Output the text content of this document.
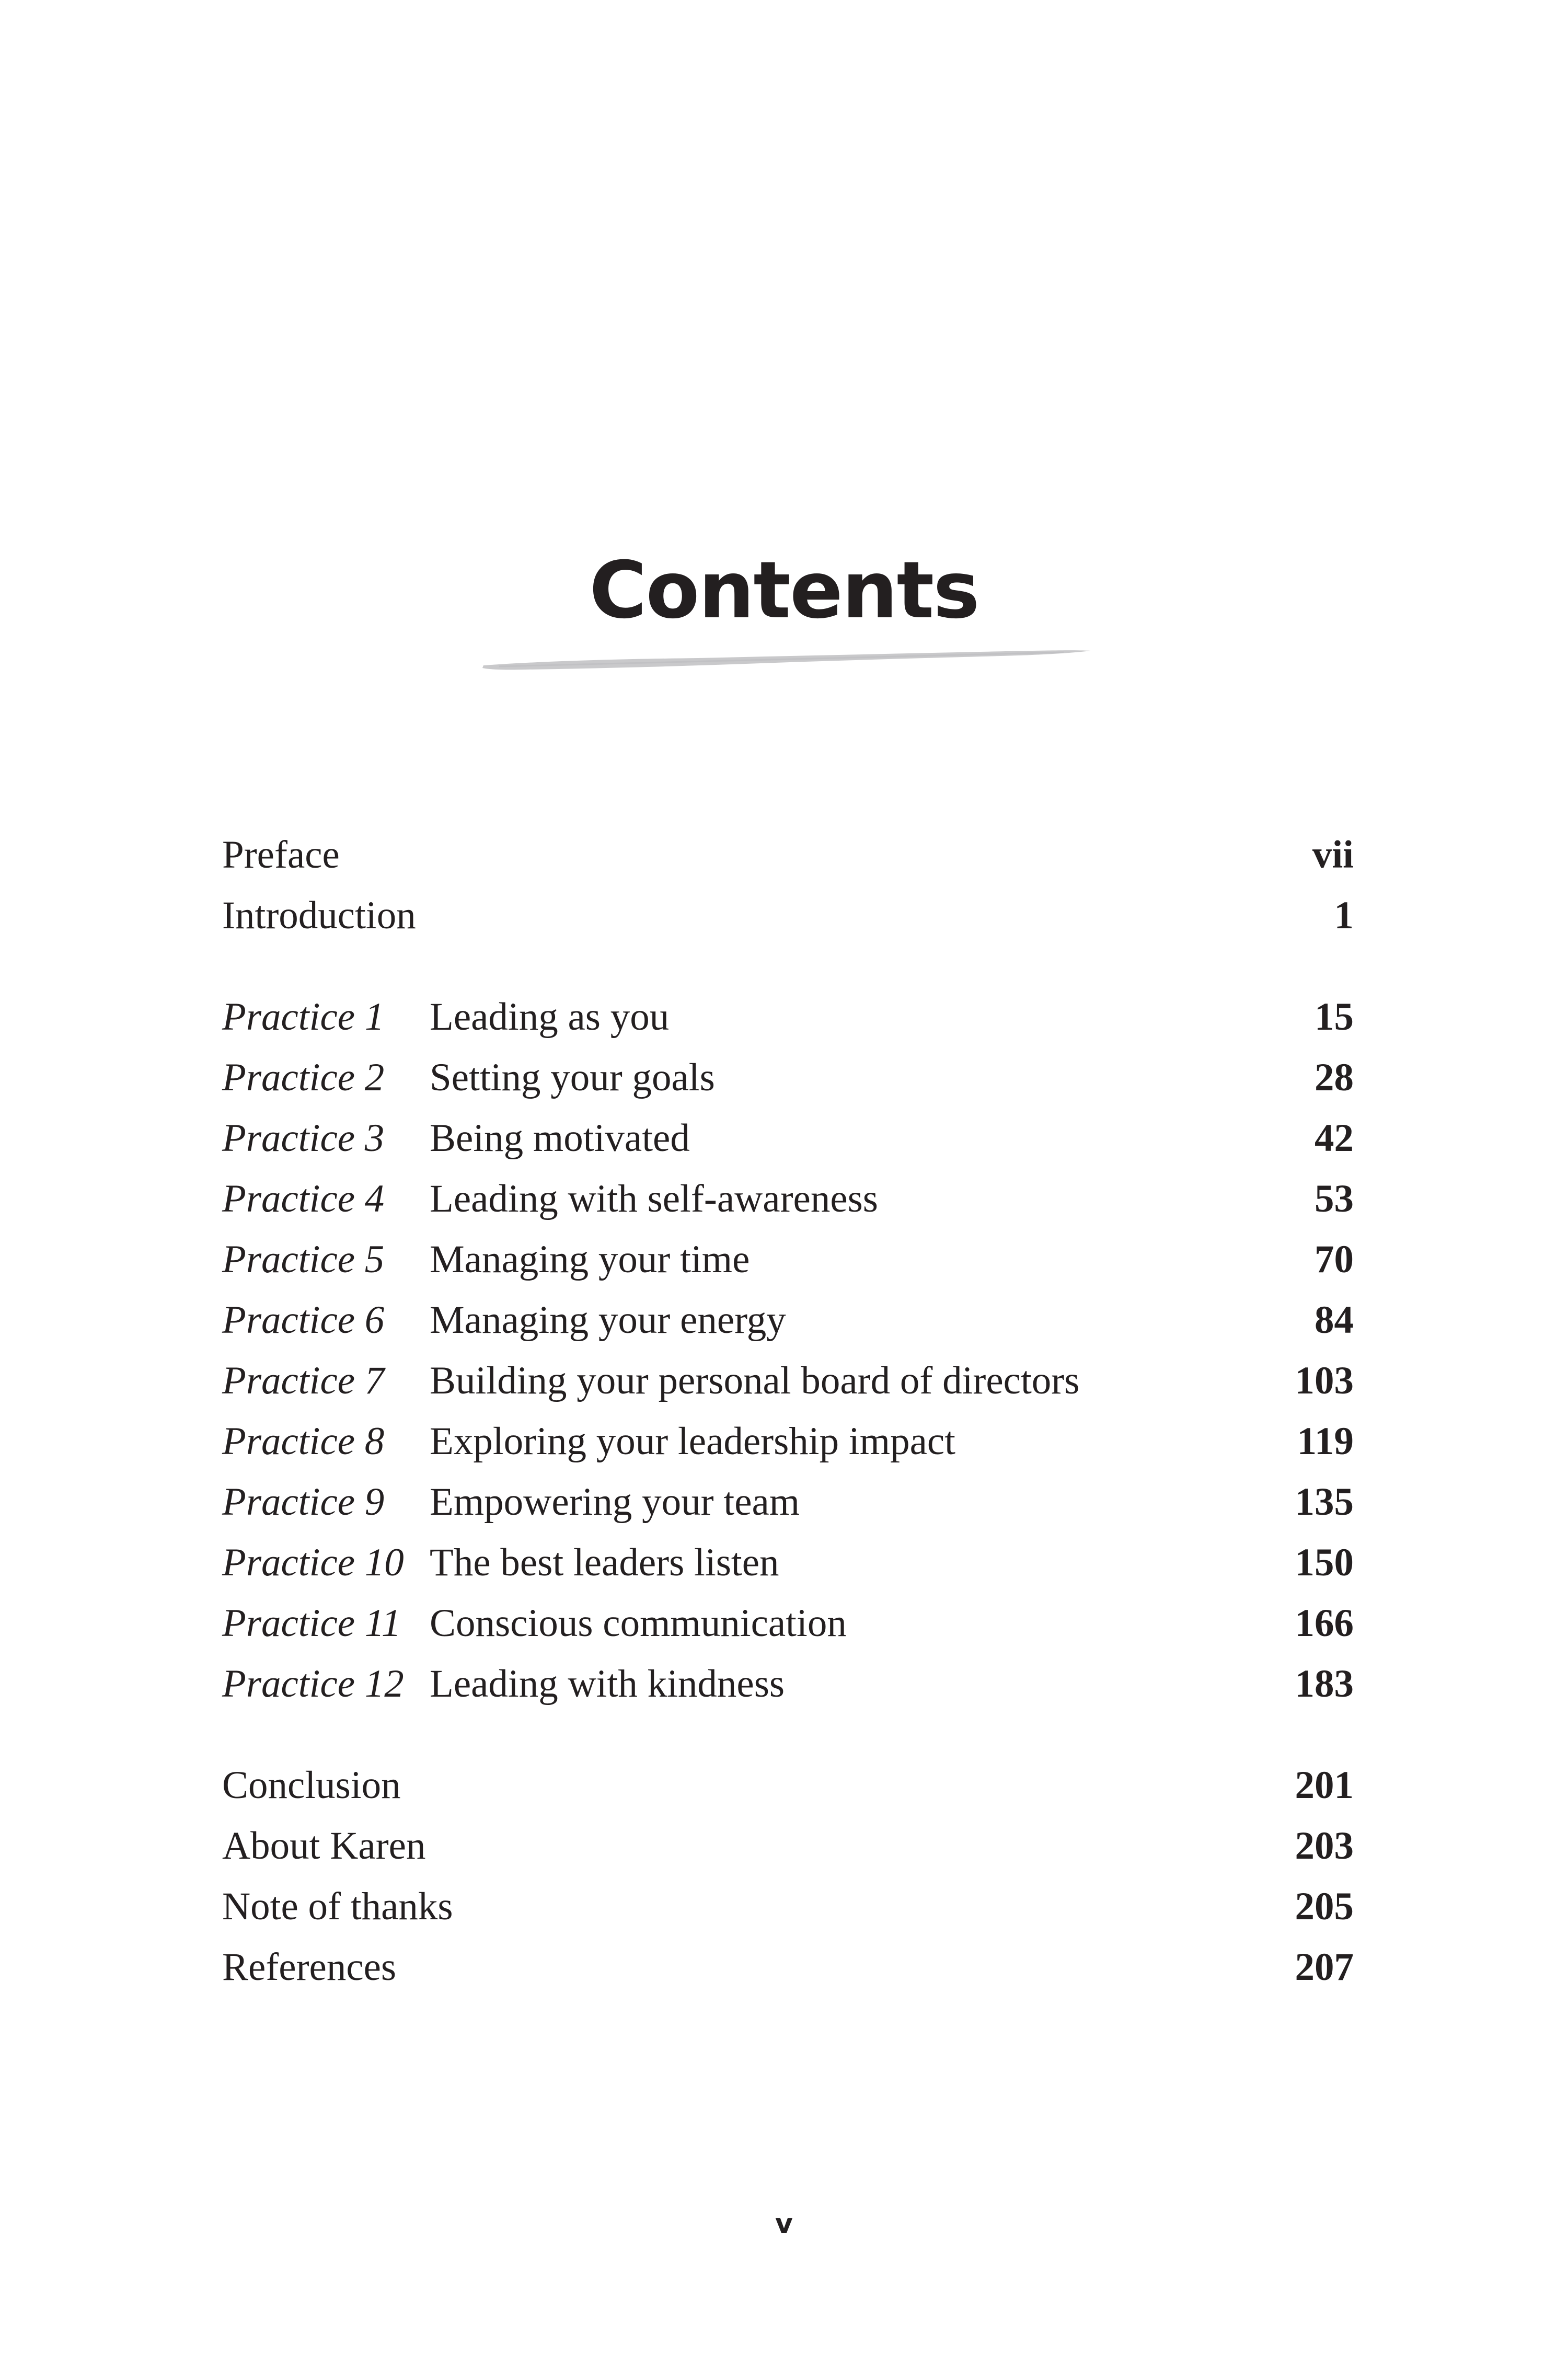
Contents
Preface	vii
Introduction	1
Practice 1 Leading as you	15
Practice 2 Setting your goals	28
Practice 3 Being motivated	42
Practice 4 Leading with self-awareness	53
Practice 5 Managing your time	70
Practice 6 Managing your energy	84
Practice 7 Building your personal board of directors	103
Practice 8 Exploring your leadership impact	119
Practice 9 Empowering your team	135
Practice 10 The best leaders listen	150
Practice 11 Conscious communication	166
Practice 12 Leading with kindness	183
Conclusion	201
About Karen	203
Note of thanks	205
References	207
v
